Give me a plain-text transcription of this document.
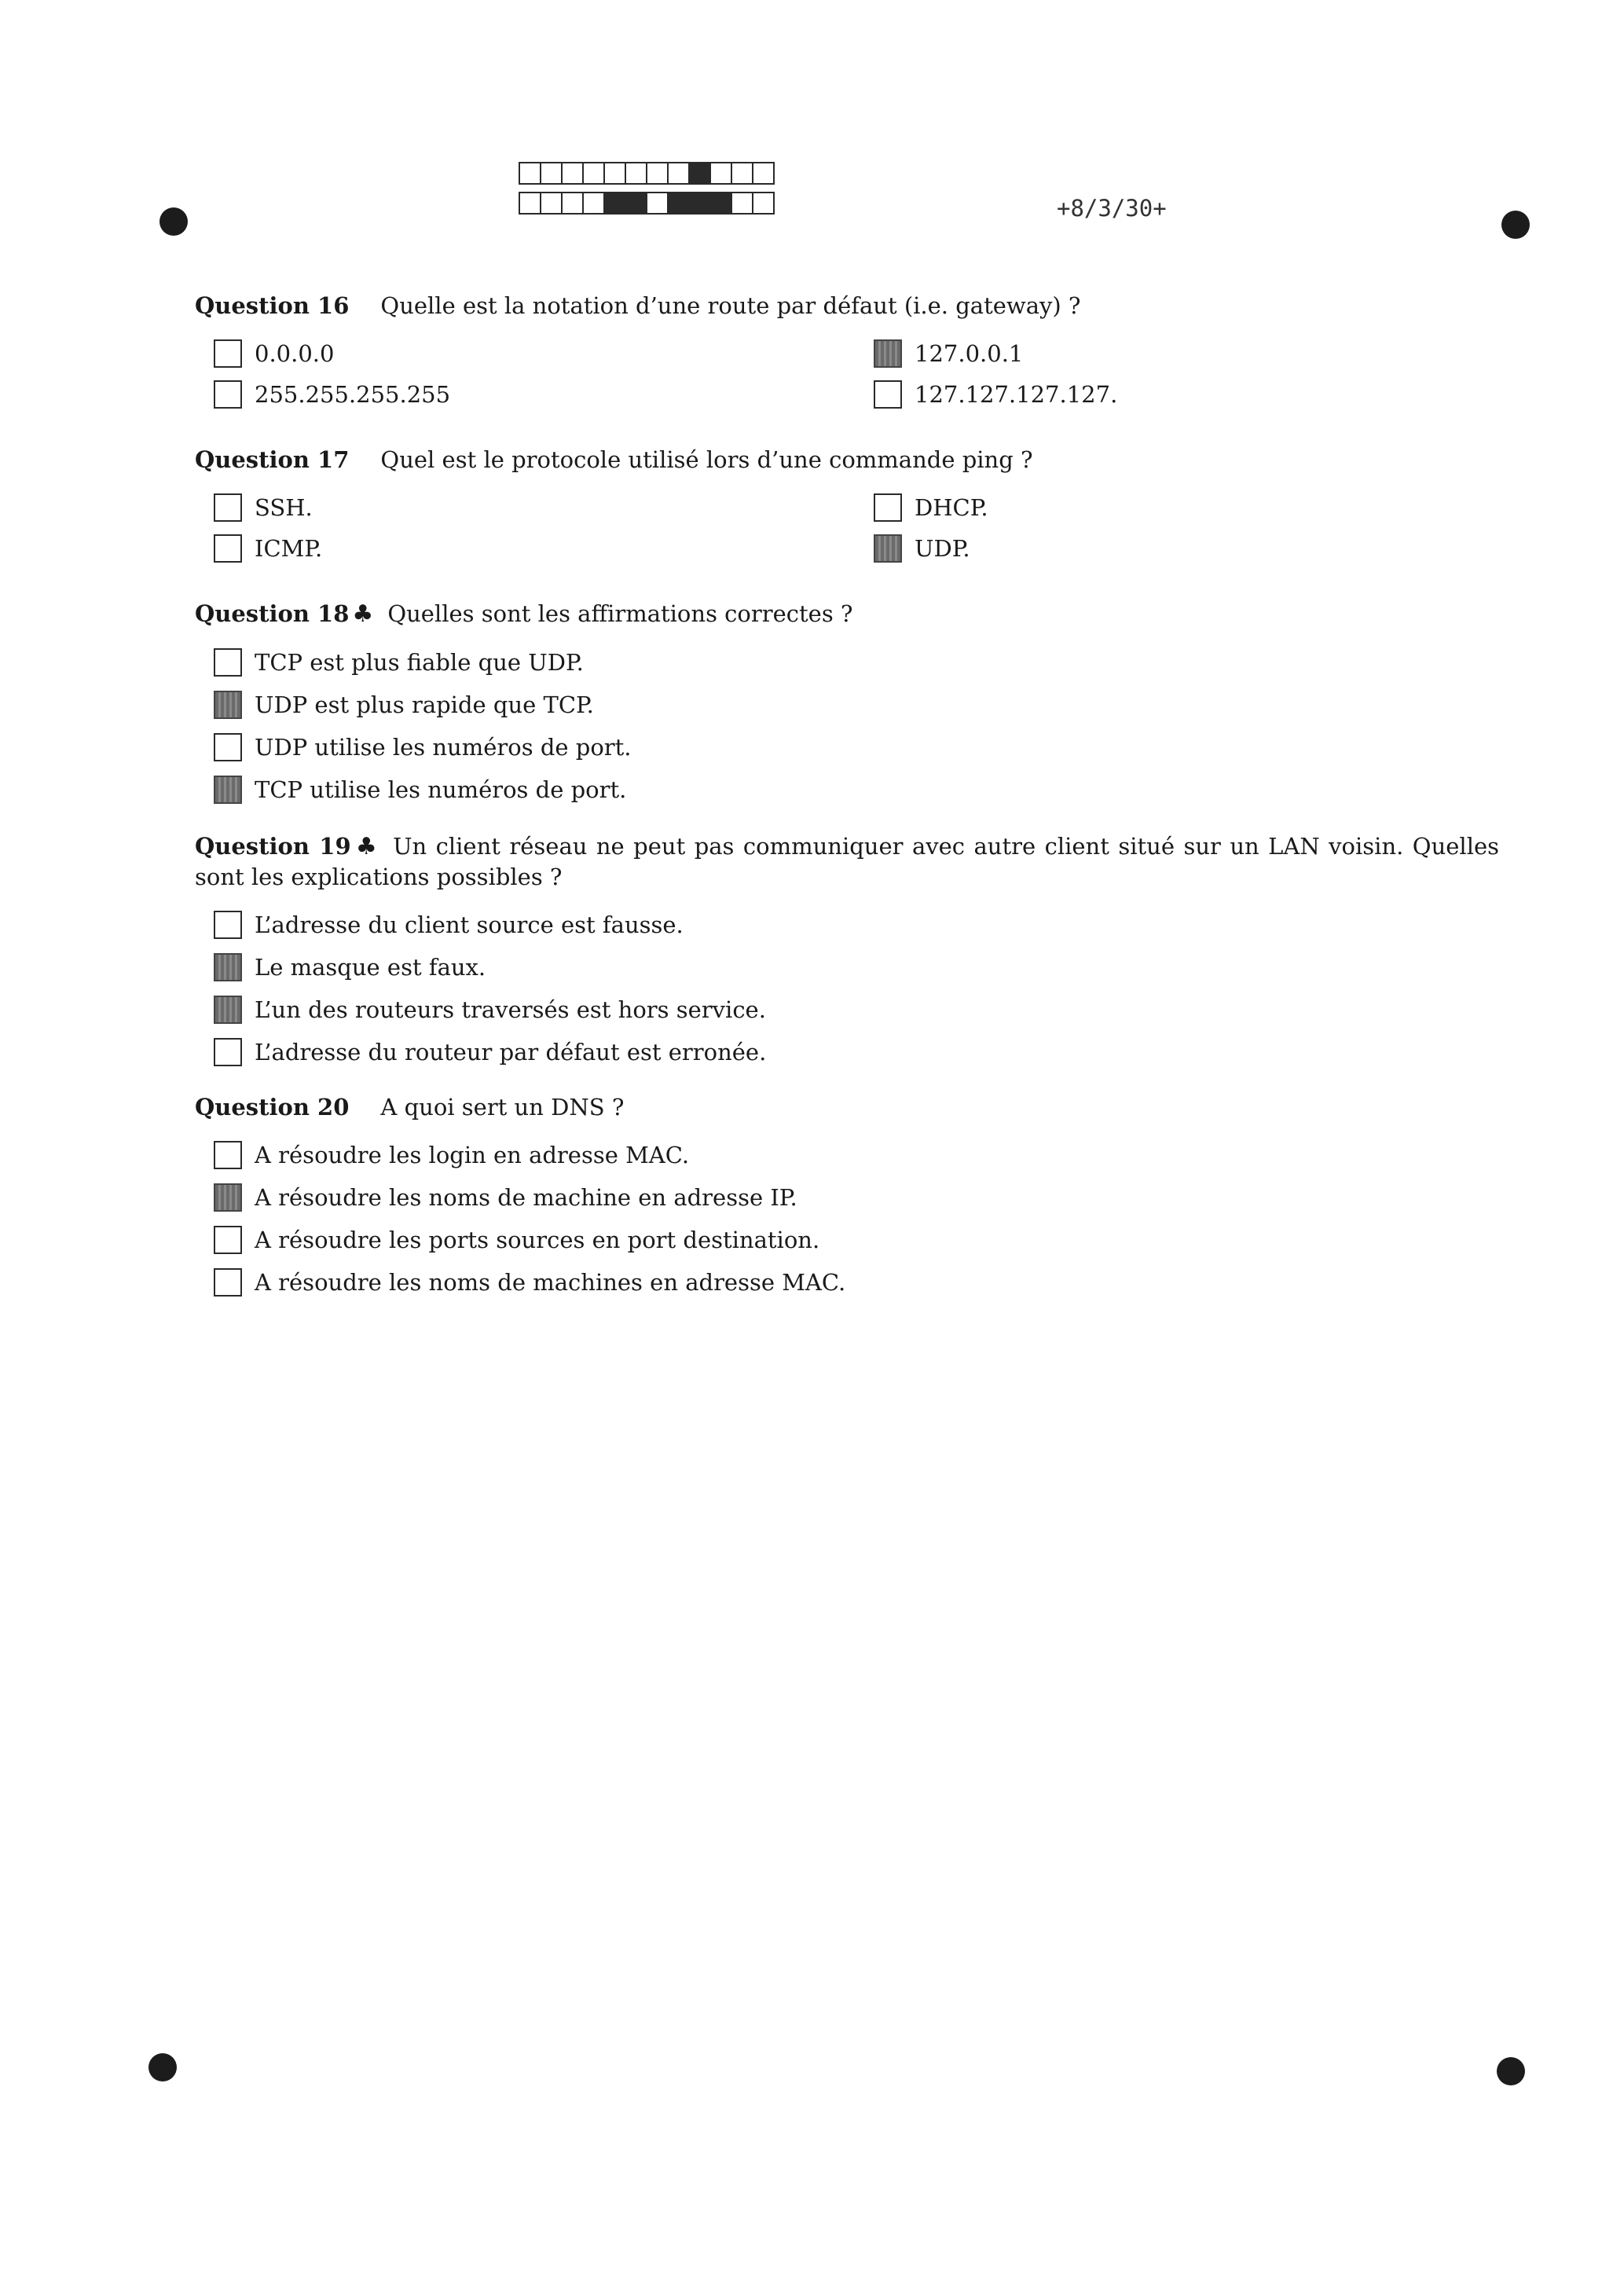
+8/3/30+
Question 16 Quelle est la notation d’une route par défaut (i.e. gateway) ?
0.0.0.0	127.0.0.1
255.255.255.255	127.127.127.127.
Question 17 Quel est le protocole utilisé lors d’une commande ping ?
SSH.	DHCP.
ICMP.	UDP.
Question 18 ♣ Quelles sont les affirmations correctes ?
TCP est plus fiable que UDP.
UDP est plus rapide que TCP.
UDP utilise les numéros de port.
TCP utilise les numéros de port.
Question 19 ♣ Un client réseau ne peut pas communiquer avec autre client situé sur un LAN voisin. Quelles sont les explications possibles ?
L’adresse du client source est fausse.
Le masque est faux.
L’un des routeurs traversés est hors service.
L’adresse du routeur par défaut est erronée.
Question 20 A quoi sert un DNS ?
A résoudre les login en adresse MAC.
A résoudre les noms de machine en adresse IP.
A résoudre les ports sources en port destination.
A résoudre les noms de machines en adresse MAC.
